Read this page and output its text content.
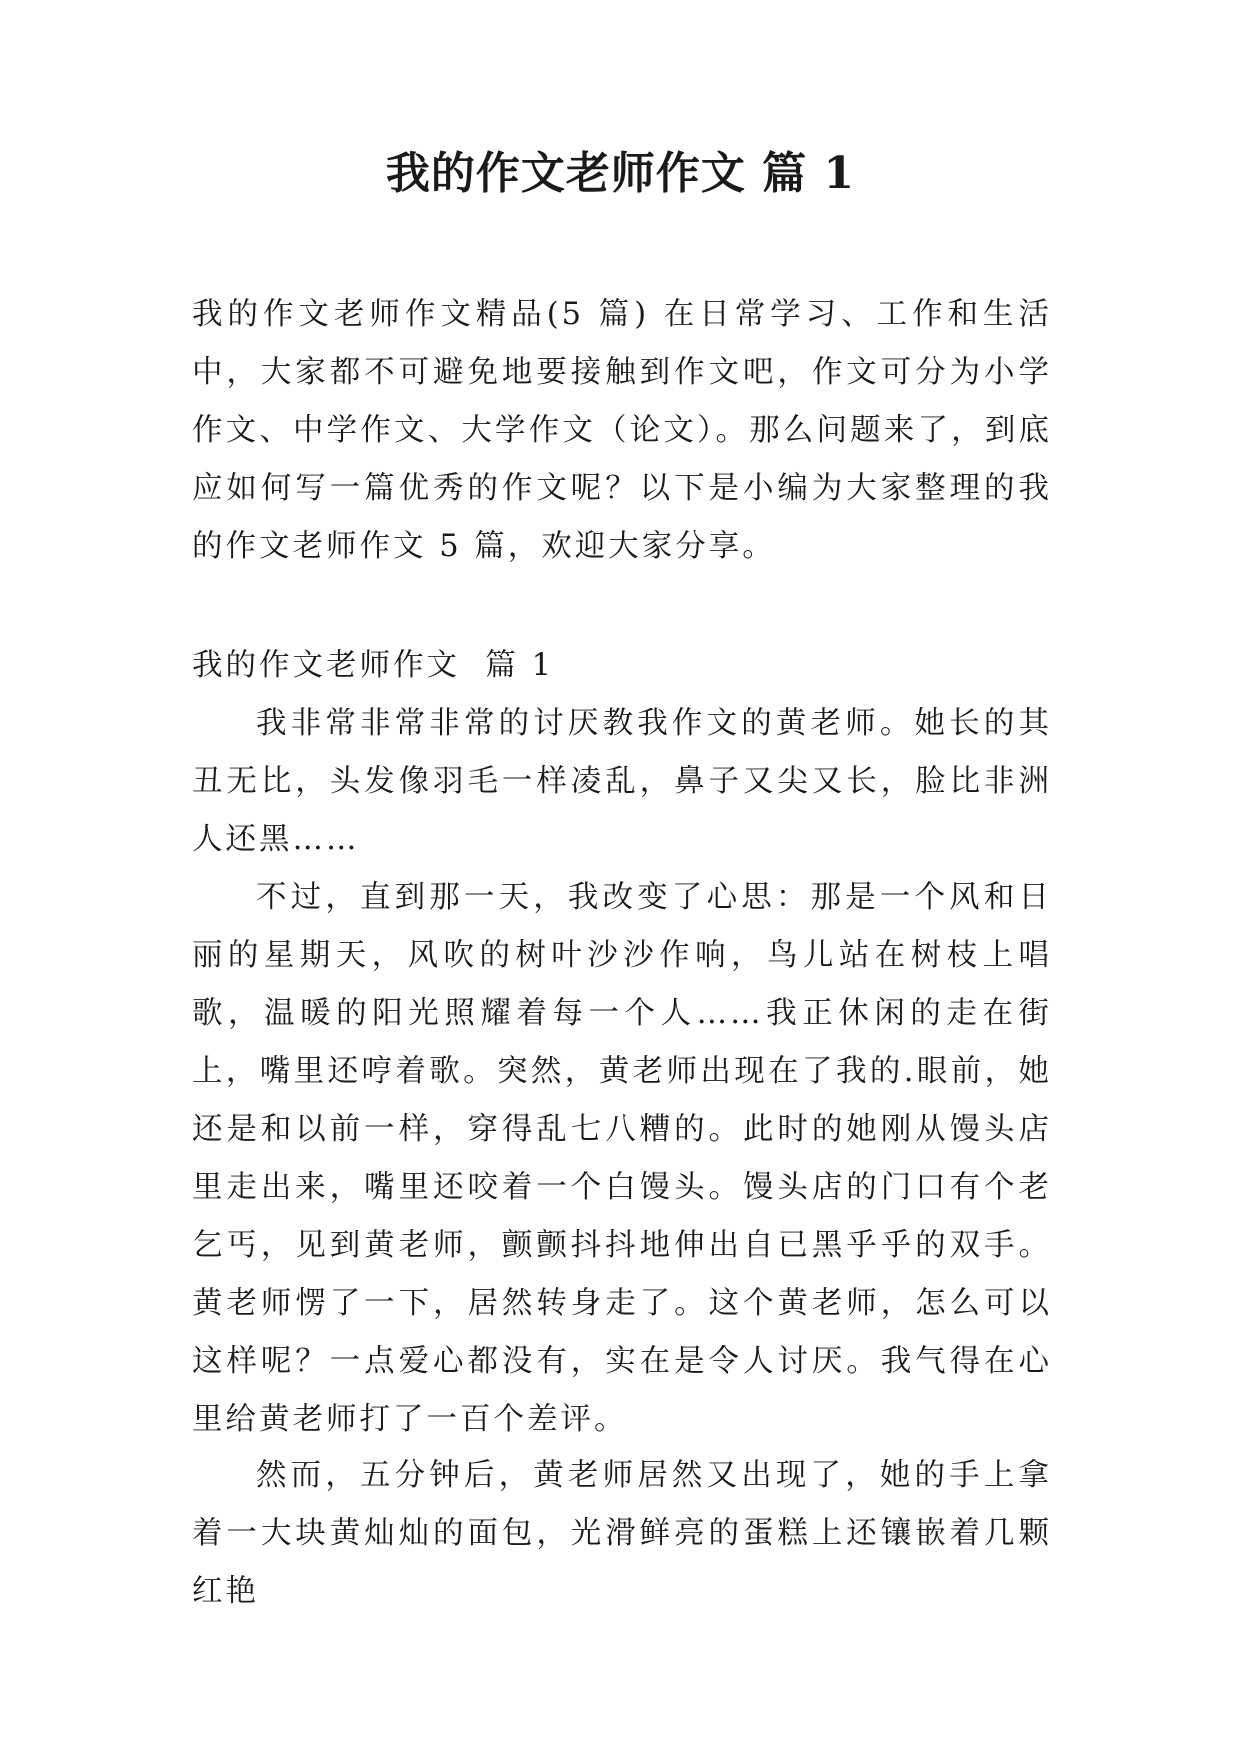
我的作文老师作文 篇 1

我的作文老师作文精品(5 篇) 在日常学习、工作和生活中，大家都不可避免地要接触到作文吧，作文可分为小学作文、中学作文、大学作文（论文）。那么问题来了，到底应如何写一篇优秀的作文呢？以下是小编为大家整理的我的作文老师作文 5 篇，欢迎大家分享。

我的作文老师作文  篇 1

我非常非常非常的讨厌教我作文的黄老师。她长的其丑无比，头发像羽毛一样凌乱，鼻子又尖又长，脸比非洲人还黑……

不过，直到那一天，我改变了心思：那是一个风和日丽的星期天，风吹的树叶沙沙作响，鸟儿站在树枝上唱歌，温暖的阳光照耀着每一个人……我正休闲的走在街上，嘴里还哼着歌。突然，黄老师出现在了我的.眼前，她还是和以前一样，穿得乱七八糟的。此时的她刚从馒头店里走出来，嘴里还咬着一个白馒头。馒头店的门口有个老乞丐，见到黄老师，颤颤抖抖地伸出自已黑乎乎的双手。黄老师愣了一下，居然转身走了。这个黄老师，怎么可以这样呢？一点爱心都没有，实在是令人讨厌。我气得在心里给黄老师打了一百个差评。

然而，五分钟后，黄老师居然又出现了，她的手上拿着一大块黄灿灿的面包，光滑鲜亮的蛋糕上还镶嵌着几颗红艳
